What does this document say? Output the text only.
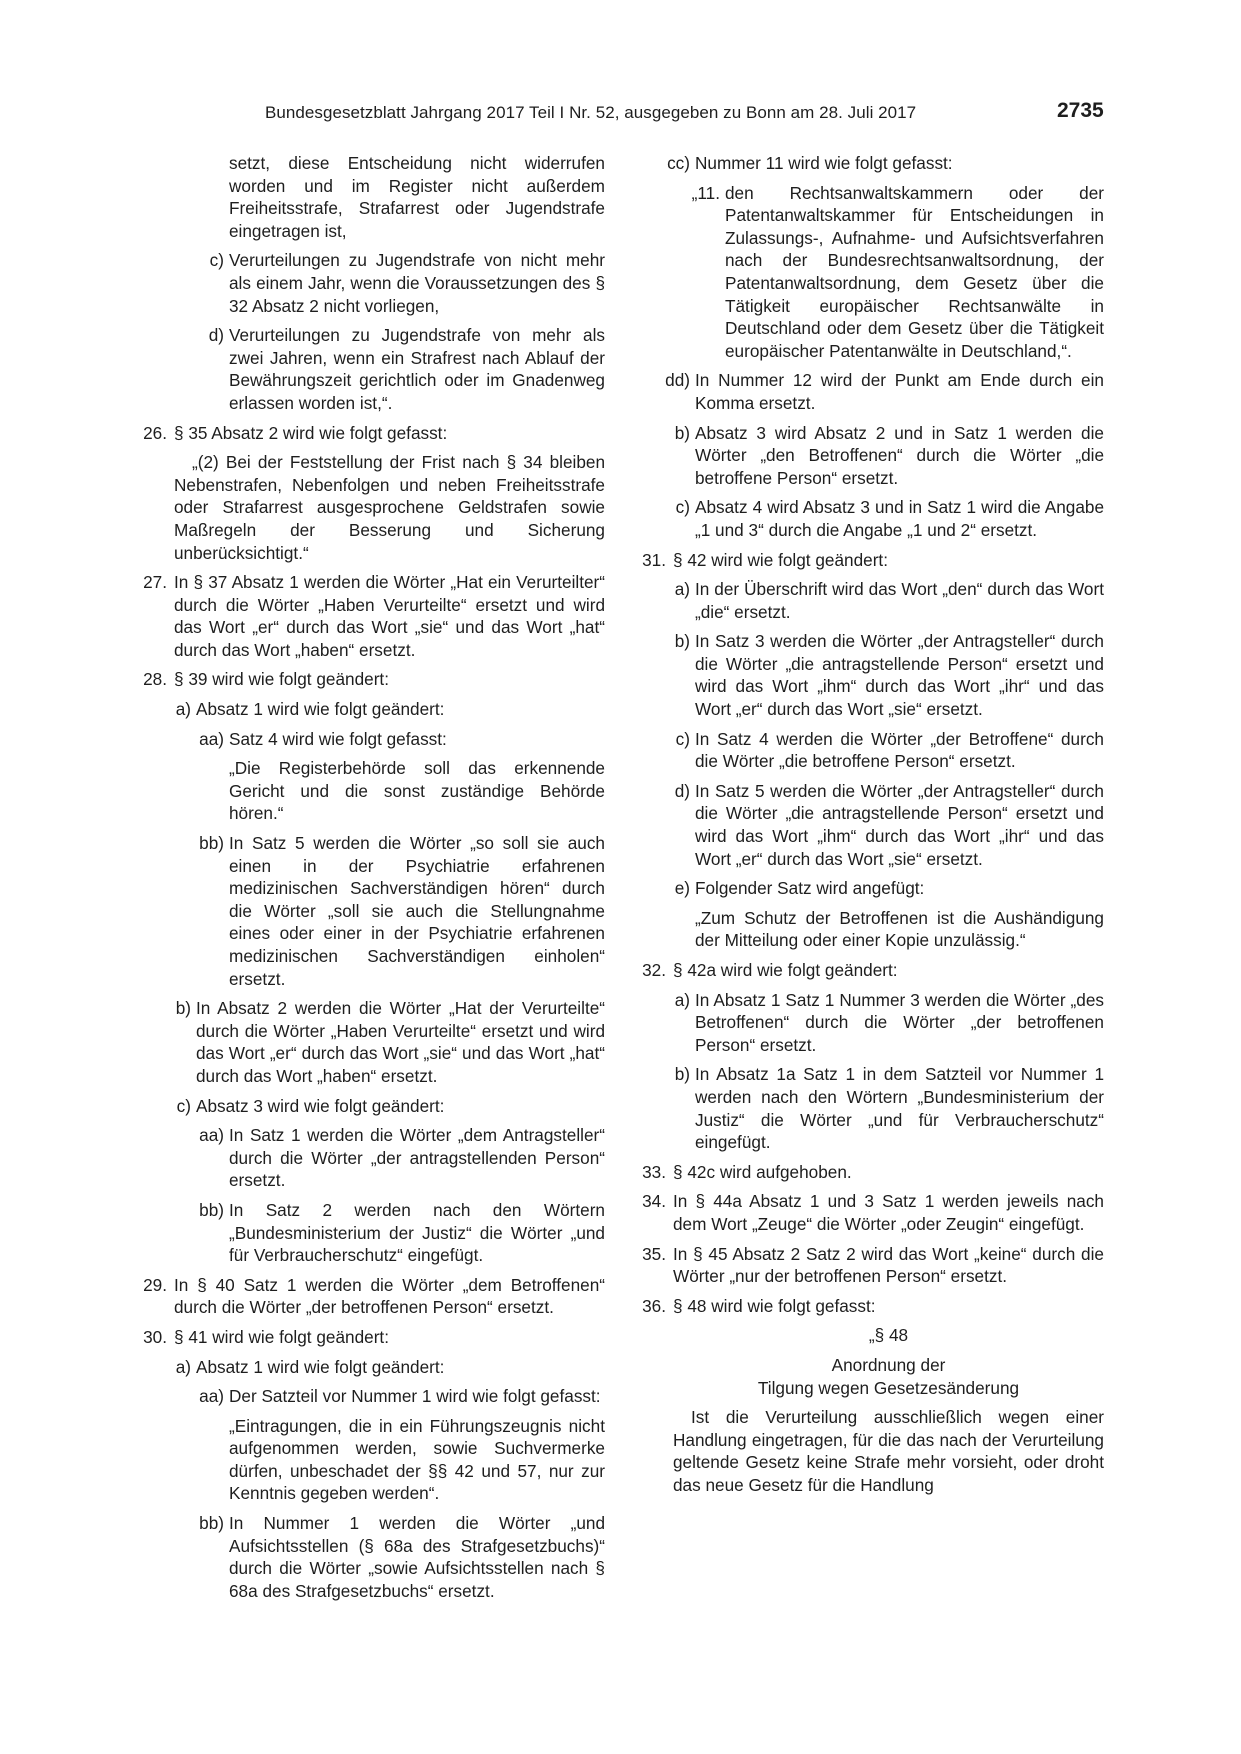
Bundesgesetzblatt Jahrgang 2017 Teil I Nr. 52, ausgegeben zu Bonn am 28. Juli 2017	2735
setzt, diese Entscheidung nicht widerrufen worden und im Register nicht außerdem Freiheitsstrafe, Strafarrest oder Jugendstrafe eingetragen ist,
c) Verurteilungen zu Jugendstrafe von nicht mehr als einem Jahr, wenn die Voraussetzungen des § 32 Absatz 2 nicht vorliegen,
d) Verurteilungen zu Jugendstrafe von mehr als zwei Jahren, wenn ein Strafrest nach Ablauf der Bewährungszeit gerichtlich oder im Gnadenweg erlassen worden ist,“.
26. § 35 Absatz 2 wird wie folgt gefasst:
„(2) Bei der Feststellung der Frist nach § 34 bleiben Nebenstrafen, Nebenfolgen und neben Freiheitsstrafe oder Strafarrest ausgesprochene Geldstrafen sowie Maßregeln der Besserung und Sicherung unberücksichtigt.“
27. In § 37 Absatz 1 werden die Wörter „Hat ein Verurteilter“ durch die Wörter „Haben Verurteilte“ ersetzt und wird das Wort „er“ durch das Wort „sie“ und das Wort „hat“ durch das Wort „haben“ ersetzt.
28. § 39 wird wie folgt geändert:
a) Absatz 1 wird wie folgt geändert:
aa) Satz 4 wird wie folgt gefasst:
„Die Registerbehörde soll das erkennende Gericht und die sonst zuständige Behörde hören.“
bb) In Satz 5 werden die Wörter „so soll sie auch einen in der Psychiatrie erfahrenen medizinischen Sachverständigen hören“ durch die Wörter „soll sie auch die Stellungnahme eines oder einer in der Psychiatrie erfahrenen medizinischen Sachverständigen einholen“ ersetzt.
b) In Absatz 2 werden die Wörter „Hat der Verurteilte“ durch die Wörter „Haben Verurteilte“ ersetzt und wird das Wort „er“ durch das Wort „sie“ und das Wort „hat“ durch das Wort „haben“ ersetzt.
c) Absatz 3 wird wie folgt geändert:
aa) In Satz 1 werden die Wörter „dem Antragsteller“ durch die Wörter „der antragstellenden Person“ ersetzt.
bb) In Satz 2 werden nach den Wörtern „Bundesministerium der Justiz“ die Wörter „und für Verbraucherschutz“ eingefügt.
29. In § 40 Satz 1 werden die Wörter „dem Betroffenen“ durch die Wörter „der betroffenen Person“ ersetzt.
30. § 41 wird wie folgt geändert:
a) Absatz 1 wird wie folgt geändert:
aa) Der Satzteil vor Nummer 1 wird wie folgt gefasst:
„Eintragungen, die in ein Führungszeugnis nicht aufgenommen werden, sowie Suchvermerke dürfen, unbeschadet der §§ 42 und 57, nur zur Kenntnis gegeben werden“.
bb) In Nummer 1 werden die Wörter „und Aufsichtsstellen (§ 68a des Strafgesetzbuchs)“ durch die Wörter „sowie Aufsichtsstellen nach § 68a des Strafgesetzbuchs“ ersetzt.
cc) Nummer 11 wird wie folgt gefasst:
„11. den Rechtsanwaltskammern oder der Patentanwaltskammer für Entscheidungen in Zulassungs-, Aufnahme- und Aufsichtsverfahren nach der Bundesrechtsanwaltsordnung, der Patentanwaltsordnung, dem Gesetz über die Tätigkeit europäischer Rechtsanwälte in Deutschland oder dem Gesetz über die Tätigkeit europäischer Patentanwälte in Deutschland,“.
dd) In Nummer 12 wird der Punkt am Ende durch ein Komma ersetzt.
b) Absatz 3 wird Absatz 2 und in Satz 1 werden die Wörter „den Betroffenen“ durch die Wörter „die betroffene Person“ ersetzt.
c) Absatz 4 wird Absatz 3 und in Satz 1 wird die Angabe „1 und 3“ durch die Angabe „1 und 2“ ersetzt.
31. § 42 wird wie folgt geändert:
a) In der Überschrift wird das Wort „den“ durch das Wort „die“ ersetzt.
b) In Satz 3 werden die Wörter „der Antragsteller“ durch die Wörter „die antragstellende Person“ ersetzt und wird das Wort „ihm“ durch das Wort „ihr“ und das Wort „er“ durch das Wort „sie“ ersetzt.
c) In Satz 4 werden die Wörter „der Betroffene“ durch die Wörter „die betroffene Person“ ersetzt.
d) In Satz 5 werden die Wörter „der Antragsteller“ durch die Wörter „die antragstellende Person“ ersetzt und wird das Wort „ihm“ durch das Wort „ihr“ und das Wort „er“ durch das Wort „sie“ ersetzt.
e) Folgender Satz wird angefügt:
„Zum Schutz der Betroffenen ist die Aushändigung der Mitteilung oder einer Kopie unzulässig.“
32. § 42a wird wie folgt geändert:
a) In Absatz 1 Satz 1 Nummer 3 werden die Wörter „des Betroffenen“ durch die Wörter „der betroffenen Person“ ersetzt.
b) In Absatz 1a Satz 1 in dem Satzteil vor Nummer 1 werden nach den Wörtern „Bundesministerium der Justiz“ die Wörter „und für Verbraucherschutz“ eingefügt.
33. § 42c wird aufgehoben.
34. In § 44a Absatz 1 und 3 Satz 1 werden jeweils nach dem Wort „Zeuge“ die Wörter „oder Zeugin“ eingefügt.
35. In § 45 Absatz 2 Satz 2 wird das Wort „keine“ durch die Wörter „nur der betroffenen Person“ ersetzt.
36. § 48 wird wie folgt gefasst:
„§ 48
Anordnung der
Tilgung wegen Gesetzesänderung
Ist die Verurteilung ausschließlich wegen einer Handlung eingetragen, für die das nach der Verurteilung geltende Gesetz keine Strafe mehr vorsieht, oder droht das neue Gesetz für die Handlung
